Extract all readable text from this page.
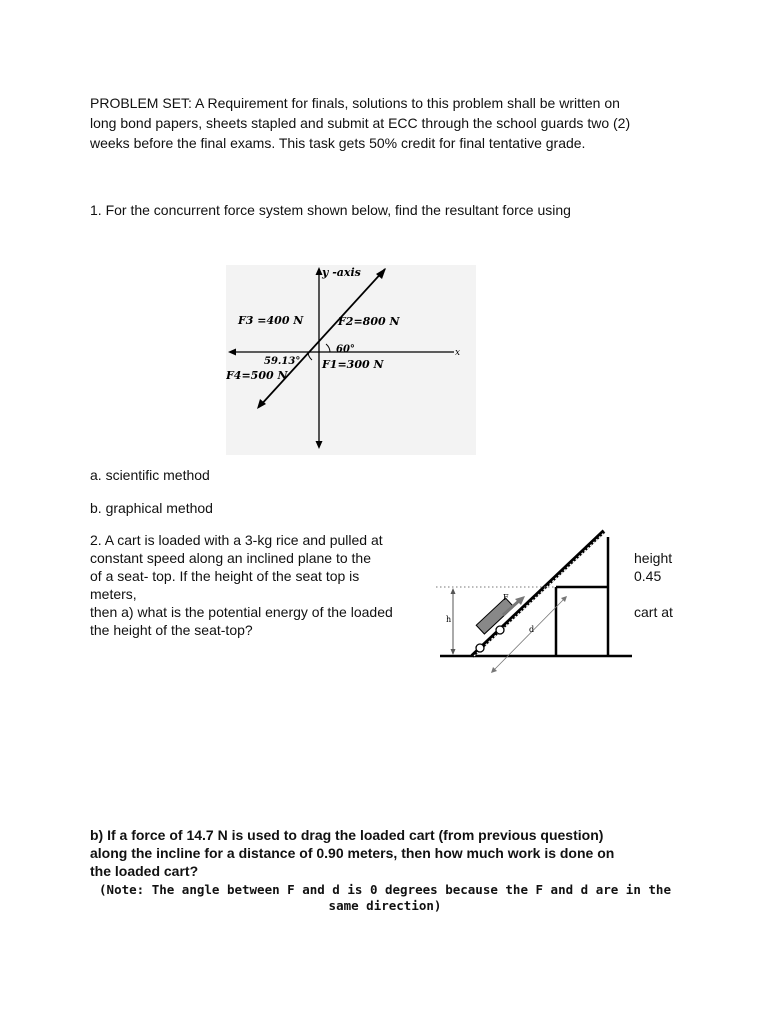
PROBLEM SET: A Requirement for finals, solutions to this problem shall be written on
long bond papers, sheets stapled and submit at ECC through the school guards two (2)
weeks before the final exams. This task gets 50% credit for final tentative grade.
1. For the concurrent force system shown below, find the resultant force using
y -axis
x
F3 =400 N	F2=800 N
60°
F1=300 N
59.13°
F4=500 N
a. scientific method
b. graphical method
2. A cart is loaded with a 3-kg rice and pulled at
constant speed along an inclined plane to the
of a seat- top. If the height of the seat top is
meters,
then a) what is the potential energy of the loaded
the height of the seat-top?
height
0.45
cart at
h
F
d
b) If a force of 14.7 N is used to drag the loaded cart (from previous question)
along the incline for a distance of 0.90 meters, then how much work is done on
the loaded cart?
(Note: The angle between F and d is 0 degrees because the F and d are in the
same direction)
